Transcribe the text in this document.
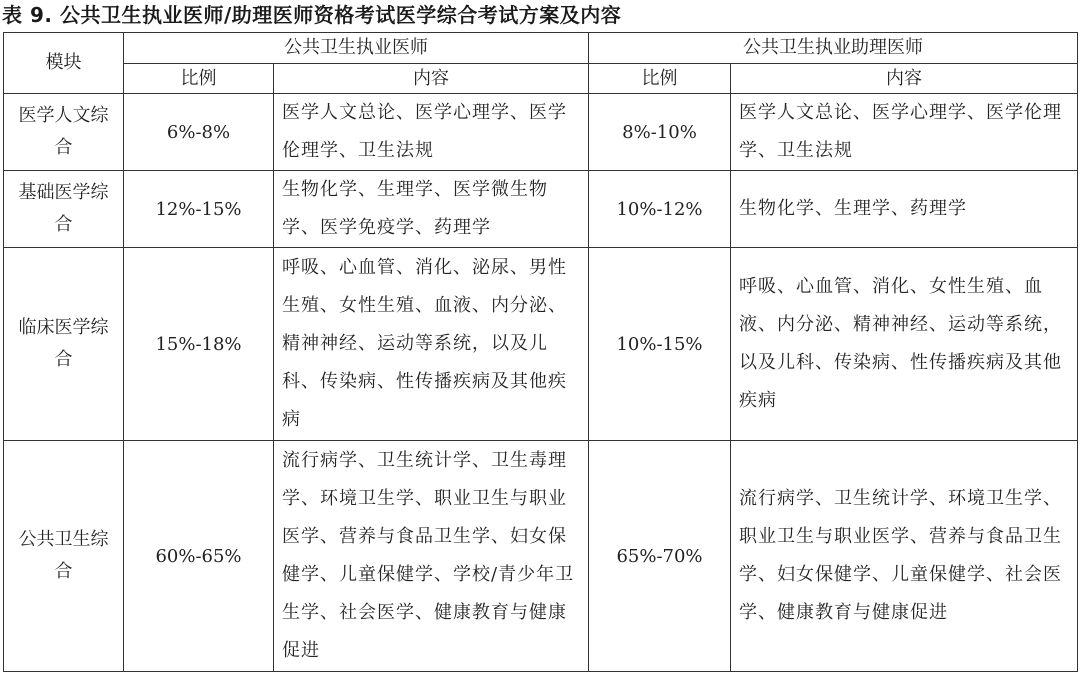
表 9. 公共卫生执业医师/助理医师资格考试医学综合考试方案及内容
模块	公共卫生执业医师		公共卫生执业助理医师	
	比例	内容	比例	内容
医学人文综合	6%-8%	医学人文总论、医学心理学、医学伦理学、卫生法规	8%-10%	医学人文总论、医学心理学、医学伦理学、卫生法规
基础医学综合	12%-15%	生物化学、生理学、医学微生物学、医学免疫学、药理学	10%-12%	生物化学、生理学、药理学
临床医学综合	15%-18%	呼吸、心血管、消化、泌尿、男性生殖、女性生殖、血液、内分泌、精神神经、运动等系统，以及儿科、传染病、性传播疾病及其他疾病	10%-15%	呼吸、心血管、消化、女性生殖、血液、内分泌、精神神经、运动等系统，以及儿科、传染病、性传播疾病及其他疾病
公共卫生综合	60%-65%	流行病学、卫生统计学、卫生毒理学、环境卫生学、职业卫生与职业医学、营养与食品卫生学、妇女保健学、儿童保健学、学校/青少年卫生学、社会医学、健康教育与健康促进	65%-70%	流行病学、卫生统计学、环境卫生学、职业卫生与职业医学、营养与食品卫生学、妇女保健学、儿童保健学、社会医学、健康教育与健康促进
